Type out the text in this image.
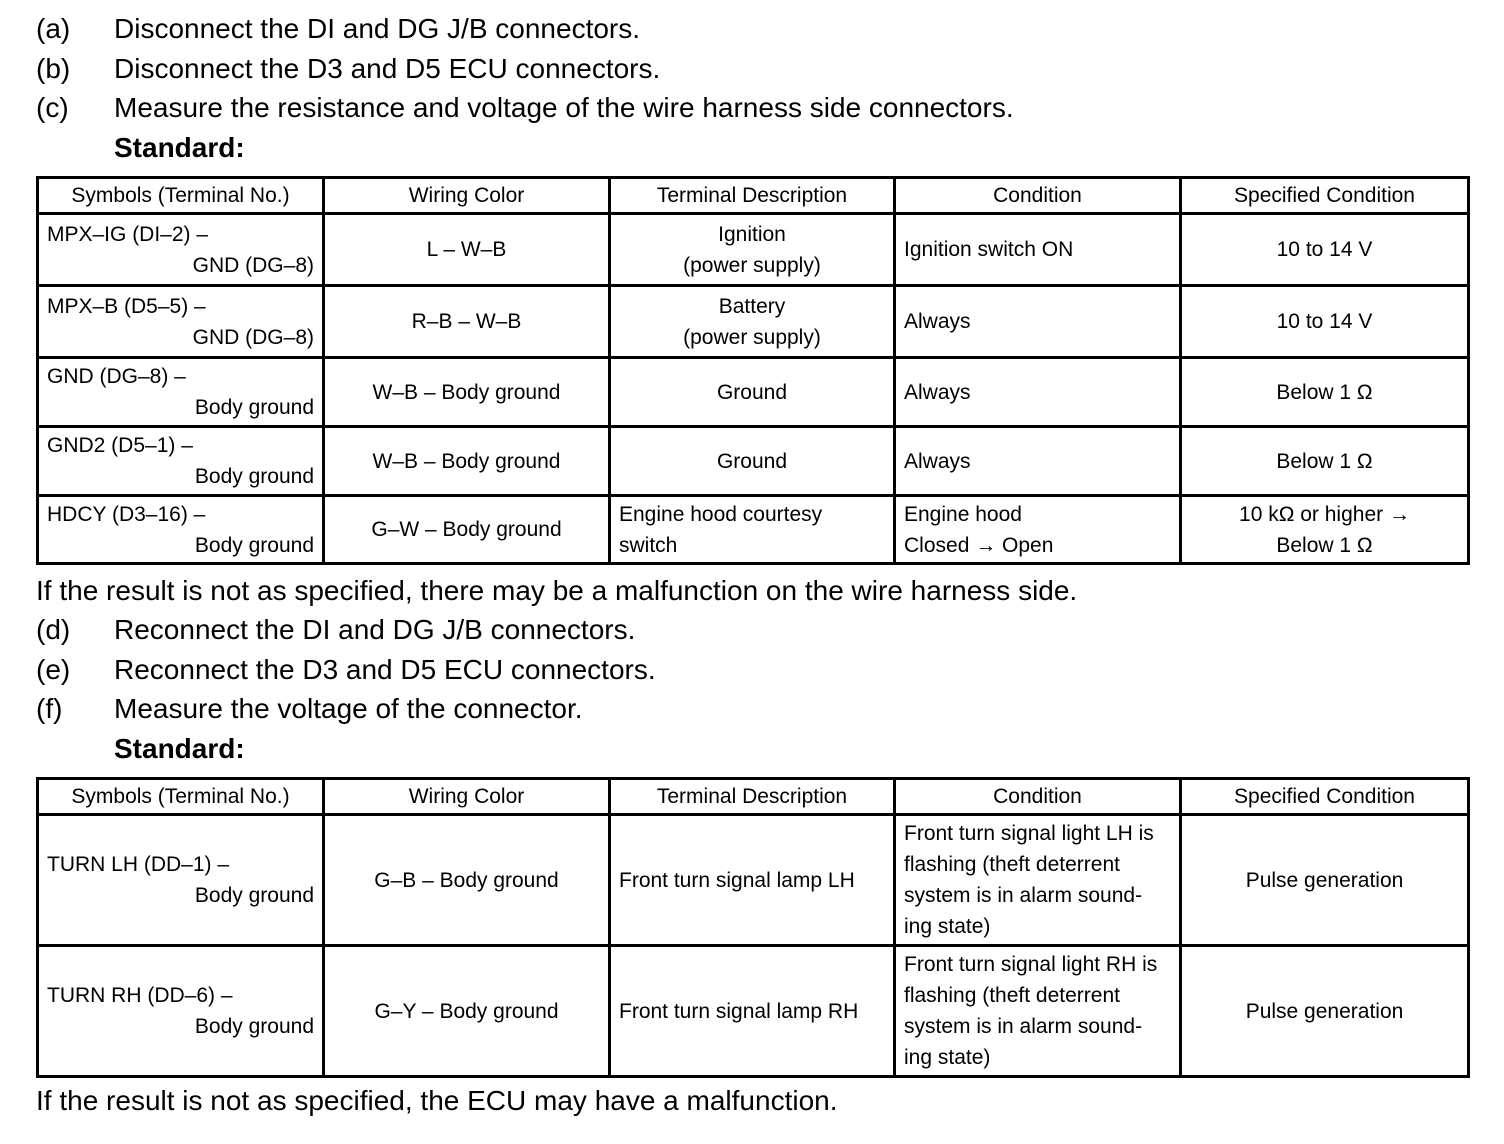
(a) Disconnect the DI and DG J/B connectors.
(b) Disconnect the D3 and D5 ECU connectors.
(c) Measure the resistance and voltage of the wire harness side connectors.
Standard:
Symbols (Terminal No.)	Wiring Color	Terminal Description	Condition	Specified Condition

MPX–IG (DI–2) –
GND (DG–8)	L – W–B	Ignition
(power supply)	Ignition switch ON	10 to 14 V

MPX–B (D5–5) –
GND (DG–8)	R–B – W–B	Battery
(power supply)	Always	10 to 14 V

GND (DG–8) –
Body ground	W–B – Body ground	Ground	Always	Below 1 Ω

GND2 (D5–1) –
Body ground	W–B – Body ground	Ground	Always	Below 1 Ω

HDCY (D3–16) –
Body ground	G–W – Body ground	Engine hood courtesy
switch	Engine hood
Closed → Open	10 kΩ or higher →
Below 1 Ω
If the result is not as specified, there may be a malfunction on the wire harness side.
(d) Reconnect the DI and DG J/B connectors.
(e) Reconnect the D3 and D5 ECU connectors.
(f) Measure the voltage of the connector.
Standard:
Symbols (Terminal No.)	Wiring Color	Terminal Description	Condition	Specified Condition

TURN LH (DD–1) –
Body ground	G–B – Body ground	Front turn signal lamp LH	Front turn signal light LH is
flashing (theft deterrent
system is in alarm sound-
ing state)	Pulse generation

TURN RH (DD–6) –
Body ground	G–Y – Body ground	Front turn signal lamp RH	Front turn signal light RH is
flashing (theft deterrent
system is in alarm sound-
ing state)	Pulse generation
If the result is not as specified, the ECU may have a malfunction.
